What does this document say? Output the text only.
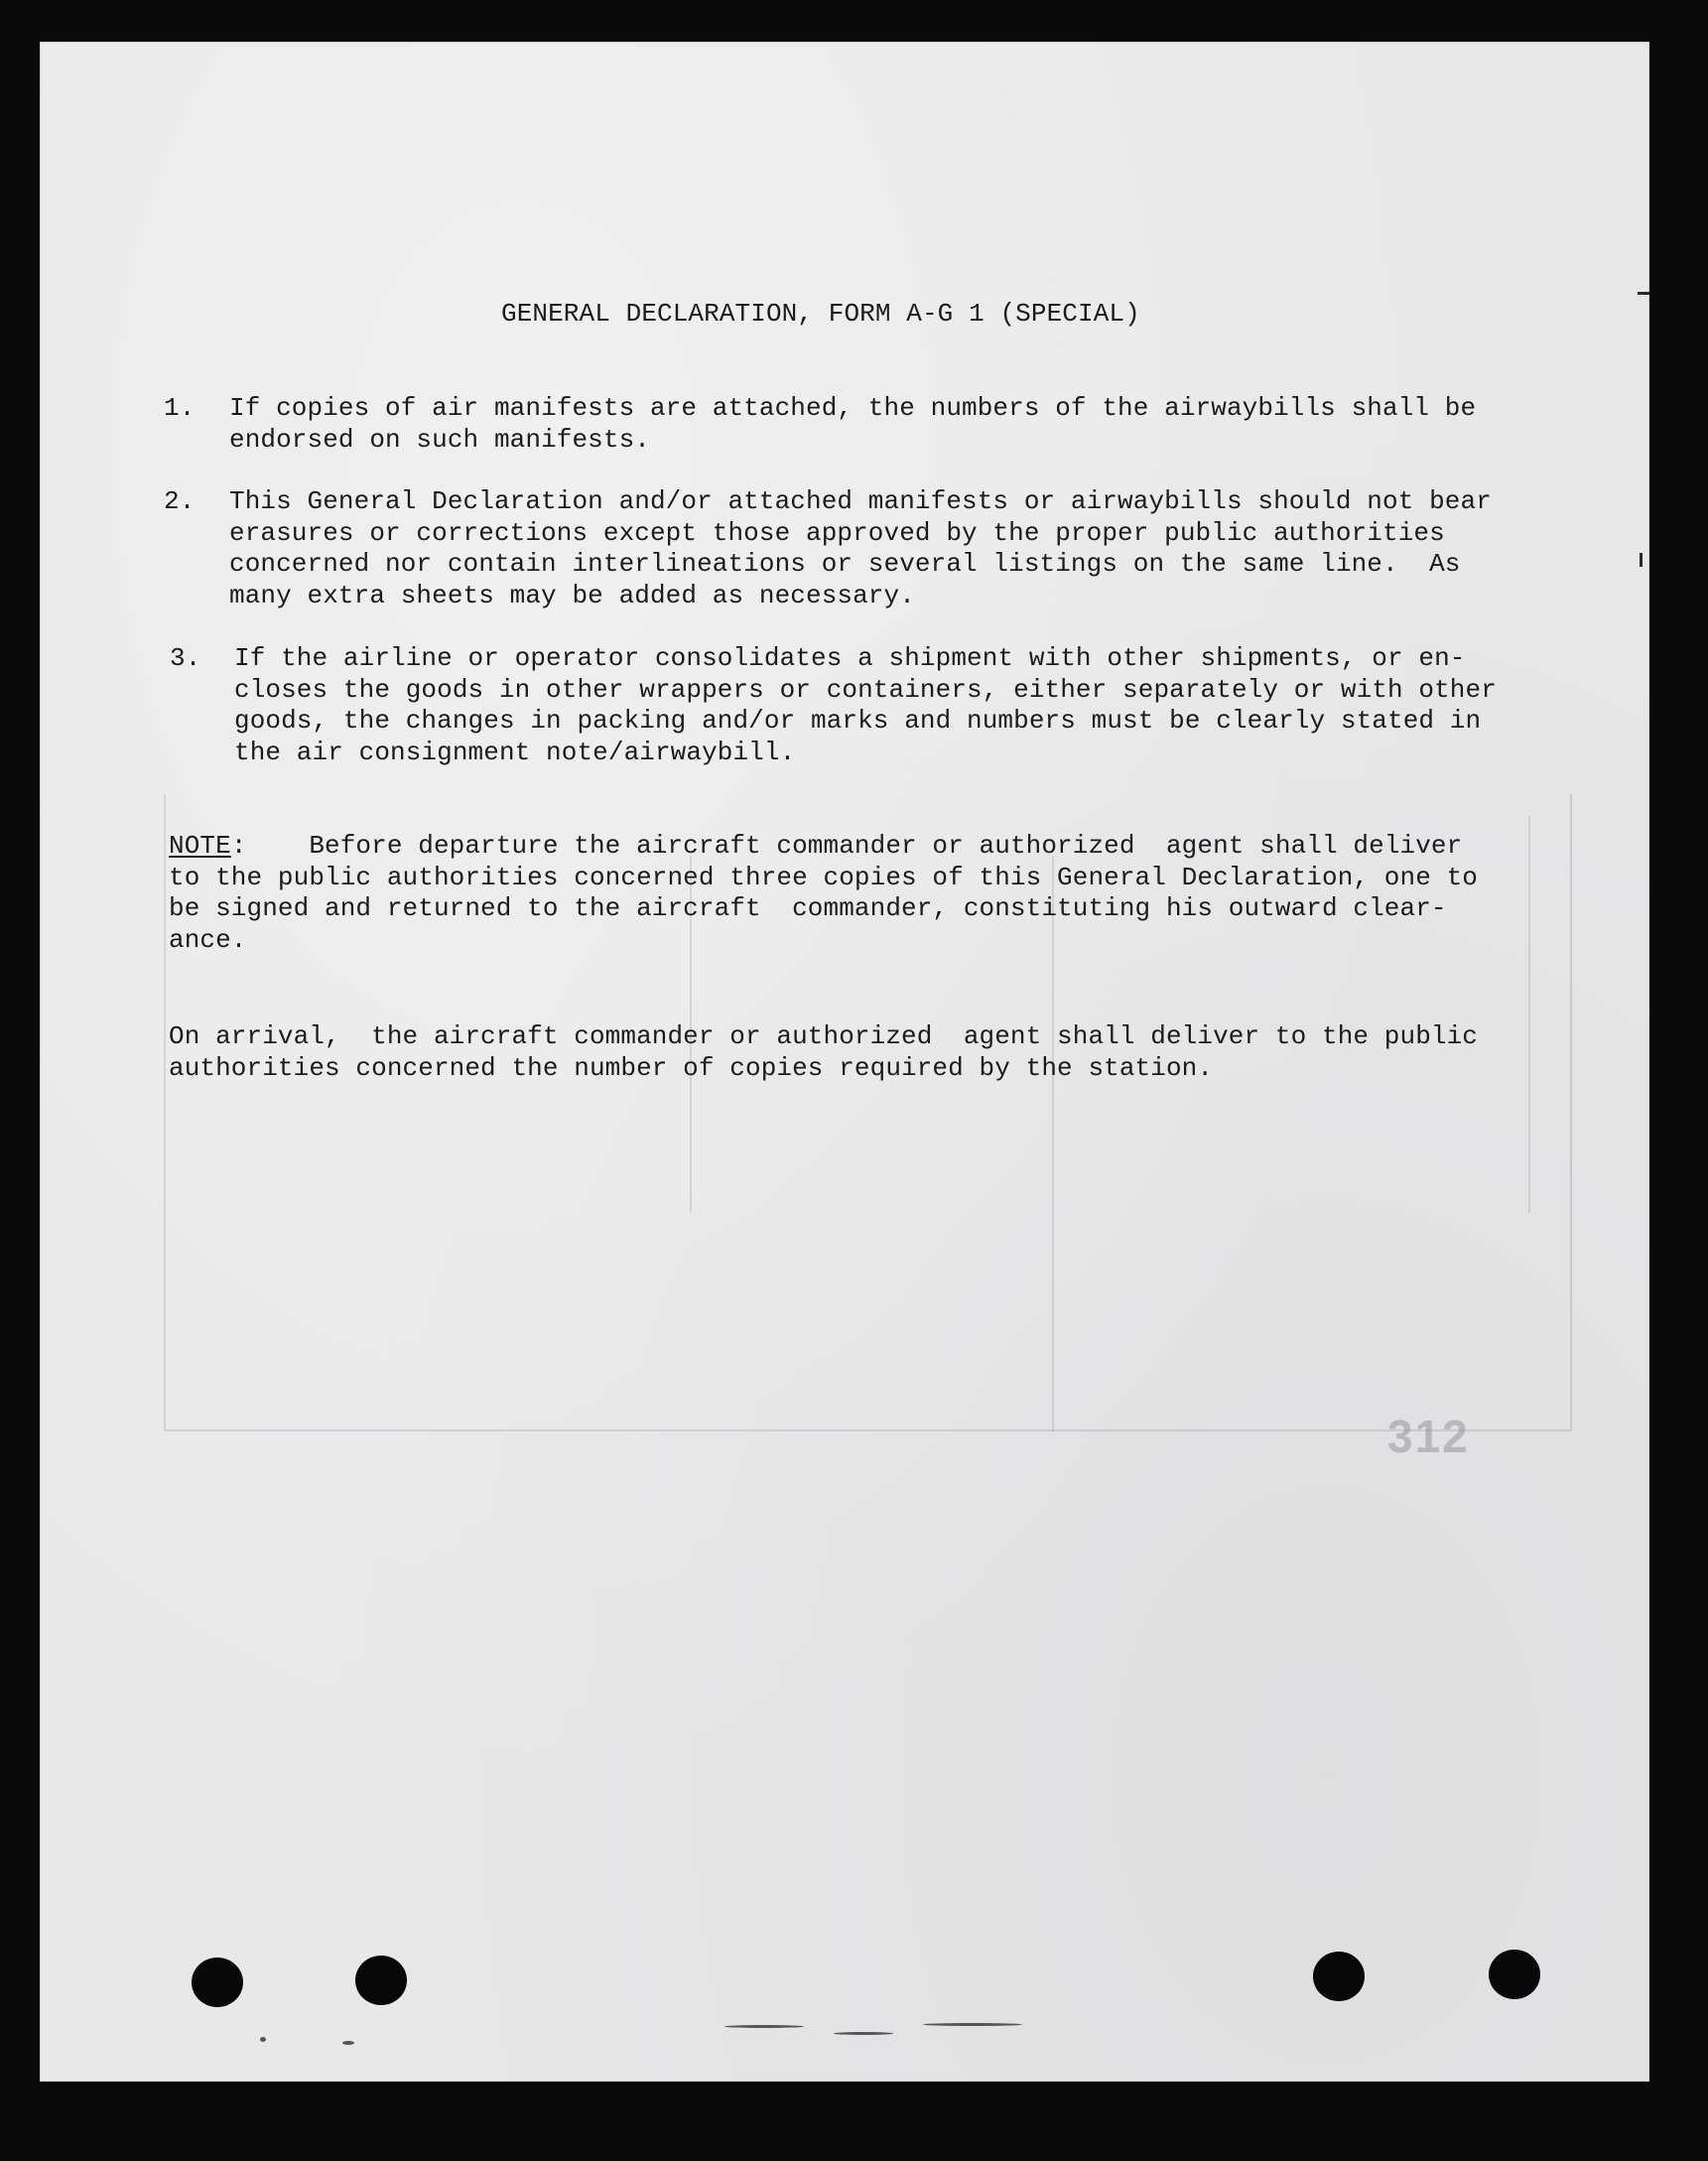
GENERAL DECLARATION, FORM A-G 1 (SPECIAL)
1. If copies of air manifests are attached, the numbers of the airwaybills shall be
endorsed on such manifests.
2. This General Declaration and/or attached manifests or airwaybills should not bear
erasures or corrections except those approved by the proper public authorities
concerned nor contain interlineations or several listings on the same line.  As
many extra sheets may be added as necessary.
3. If the airline or operator consolidates a shipment with other shipments, or en-
closes the goods in other wrappers or containers, either separately or with other
goods, the changes in packing and/or marks and numbers must be clearly stated in
the air consignment note/airwaybill.
NOTE:    Before departure the aircraft commander or authorized  agent shall deliver
to the public authorities concerned three copies of this General Declaration, one to
be signed and returned to the aircraft  commander, constituting his outward clear-
ance.
On arrival,  the aircraft commander or authorized  agent shall deliver to the public
authorities concerned the number of copies required by the station.
312
